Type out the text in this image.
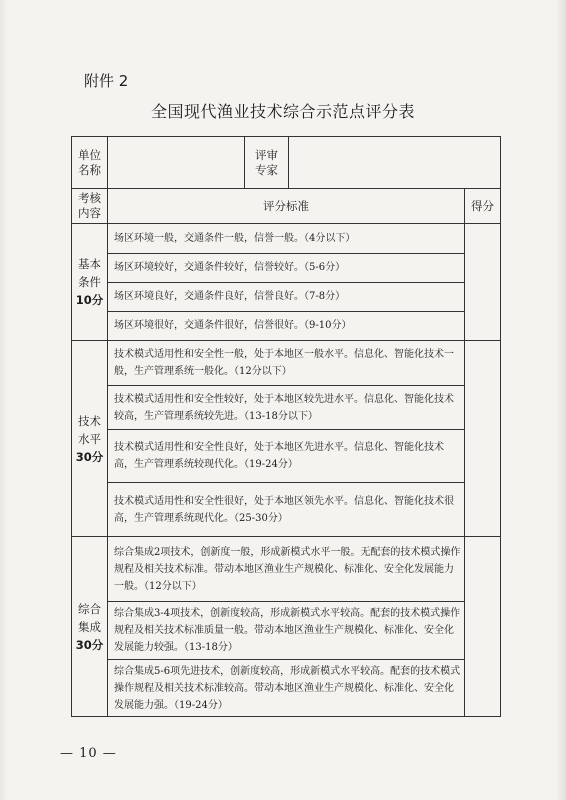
附件 2
全国现代渔业技术综合示范点评分表
单位
名称		评审
专家		
考核
内容	评分标准			得分

基本
条件
10分	场区环境一般，交通条件一般，信誉一般。（4分以下）			
	场区环境较好，交通条件较好，信誉较好。（5-6分）			
	场区环境良好，交通条件良好，信誉良好。（7-8分）			
	场区环境很好，交通条件很好，信誉很好。（9-10分）			

技术
水平
30分	技术模式适用性和安全性一般，处于本地区一般水平。信息化、智能化技术一般，生产管理系统一般化。（12分以下）			
	技术模式适用性和安全性较好，处于本地区较先进水平。信息化、智能化技术较高，生产管理系统较先进。（13-18分以下）			
	技术模式适用性和安全性良好，处于本地区先进水平。信息化、智能化技术高，生产管理系统较现代化。（19-24分）			
	技术模式适用性和安全性很好，处于本地区领先水平。信息化、智能化技术很高，生产管理系统现代化。（25-30分）			

综合
集成
30分	综合集成2项技术，创新度一般，形成新模式水平一般。无配套的技术模式操作规程及相关技术标准。带动本地区渔业生产规模化、标准化、安全化发展能力一般。（12分以下）			
	综合集成3-4项技术，创新度较高，形成新模式水平较高。配套的技术模式操作规程及相关技术标准质量一般。带动本地区渔业生产规模化、标准化、安全化发展能力较强。（13-18分）			
	综合集成5-6项先进技术，创新度较高，形成新模式水平较高。配套的技术模式操作规程及相关技术标准较高。带动本地区渔业生产规模化、标准化、安全化发展能力强。（19-24分）			
— 10 —
